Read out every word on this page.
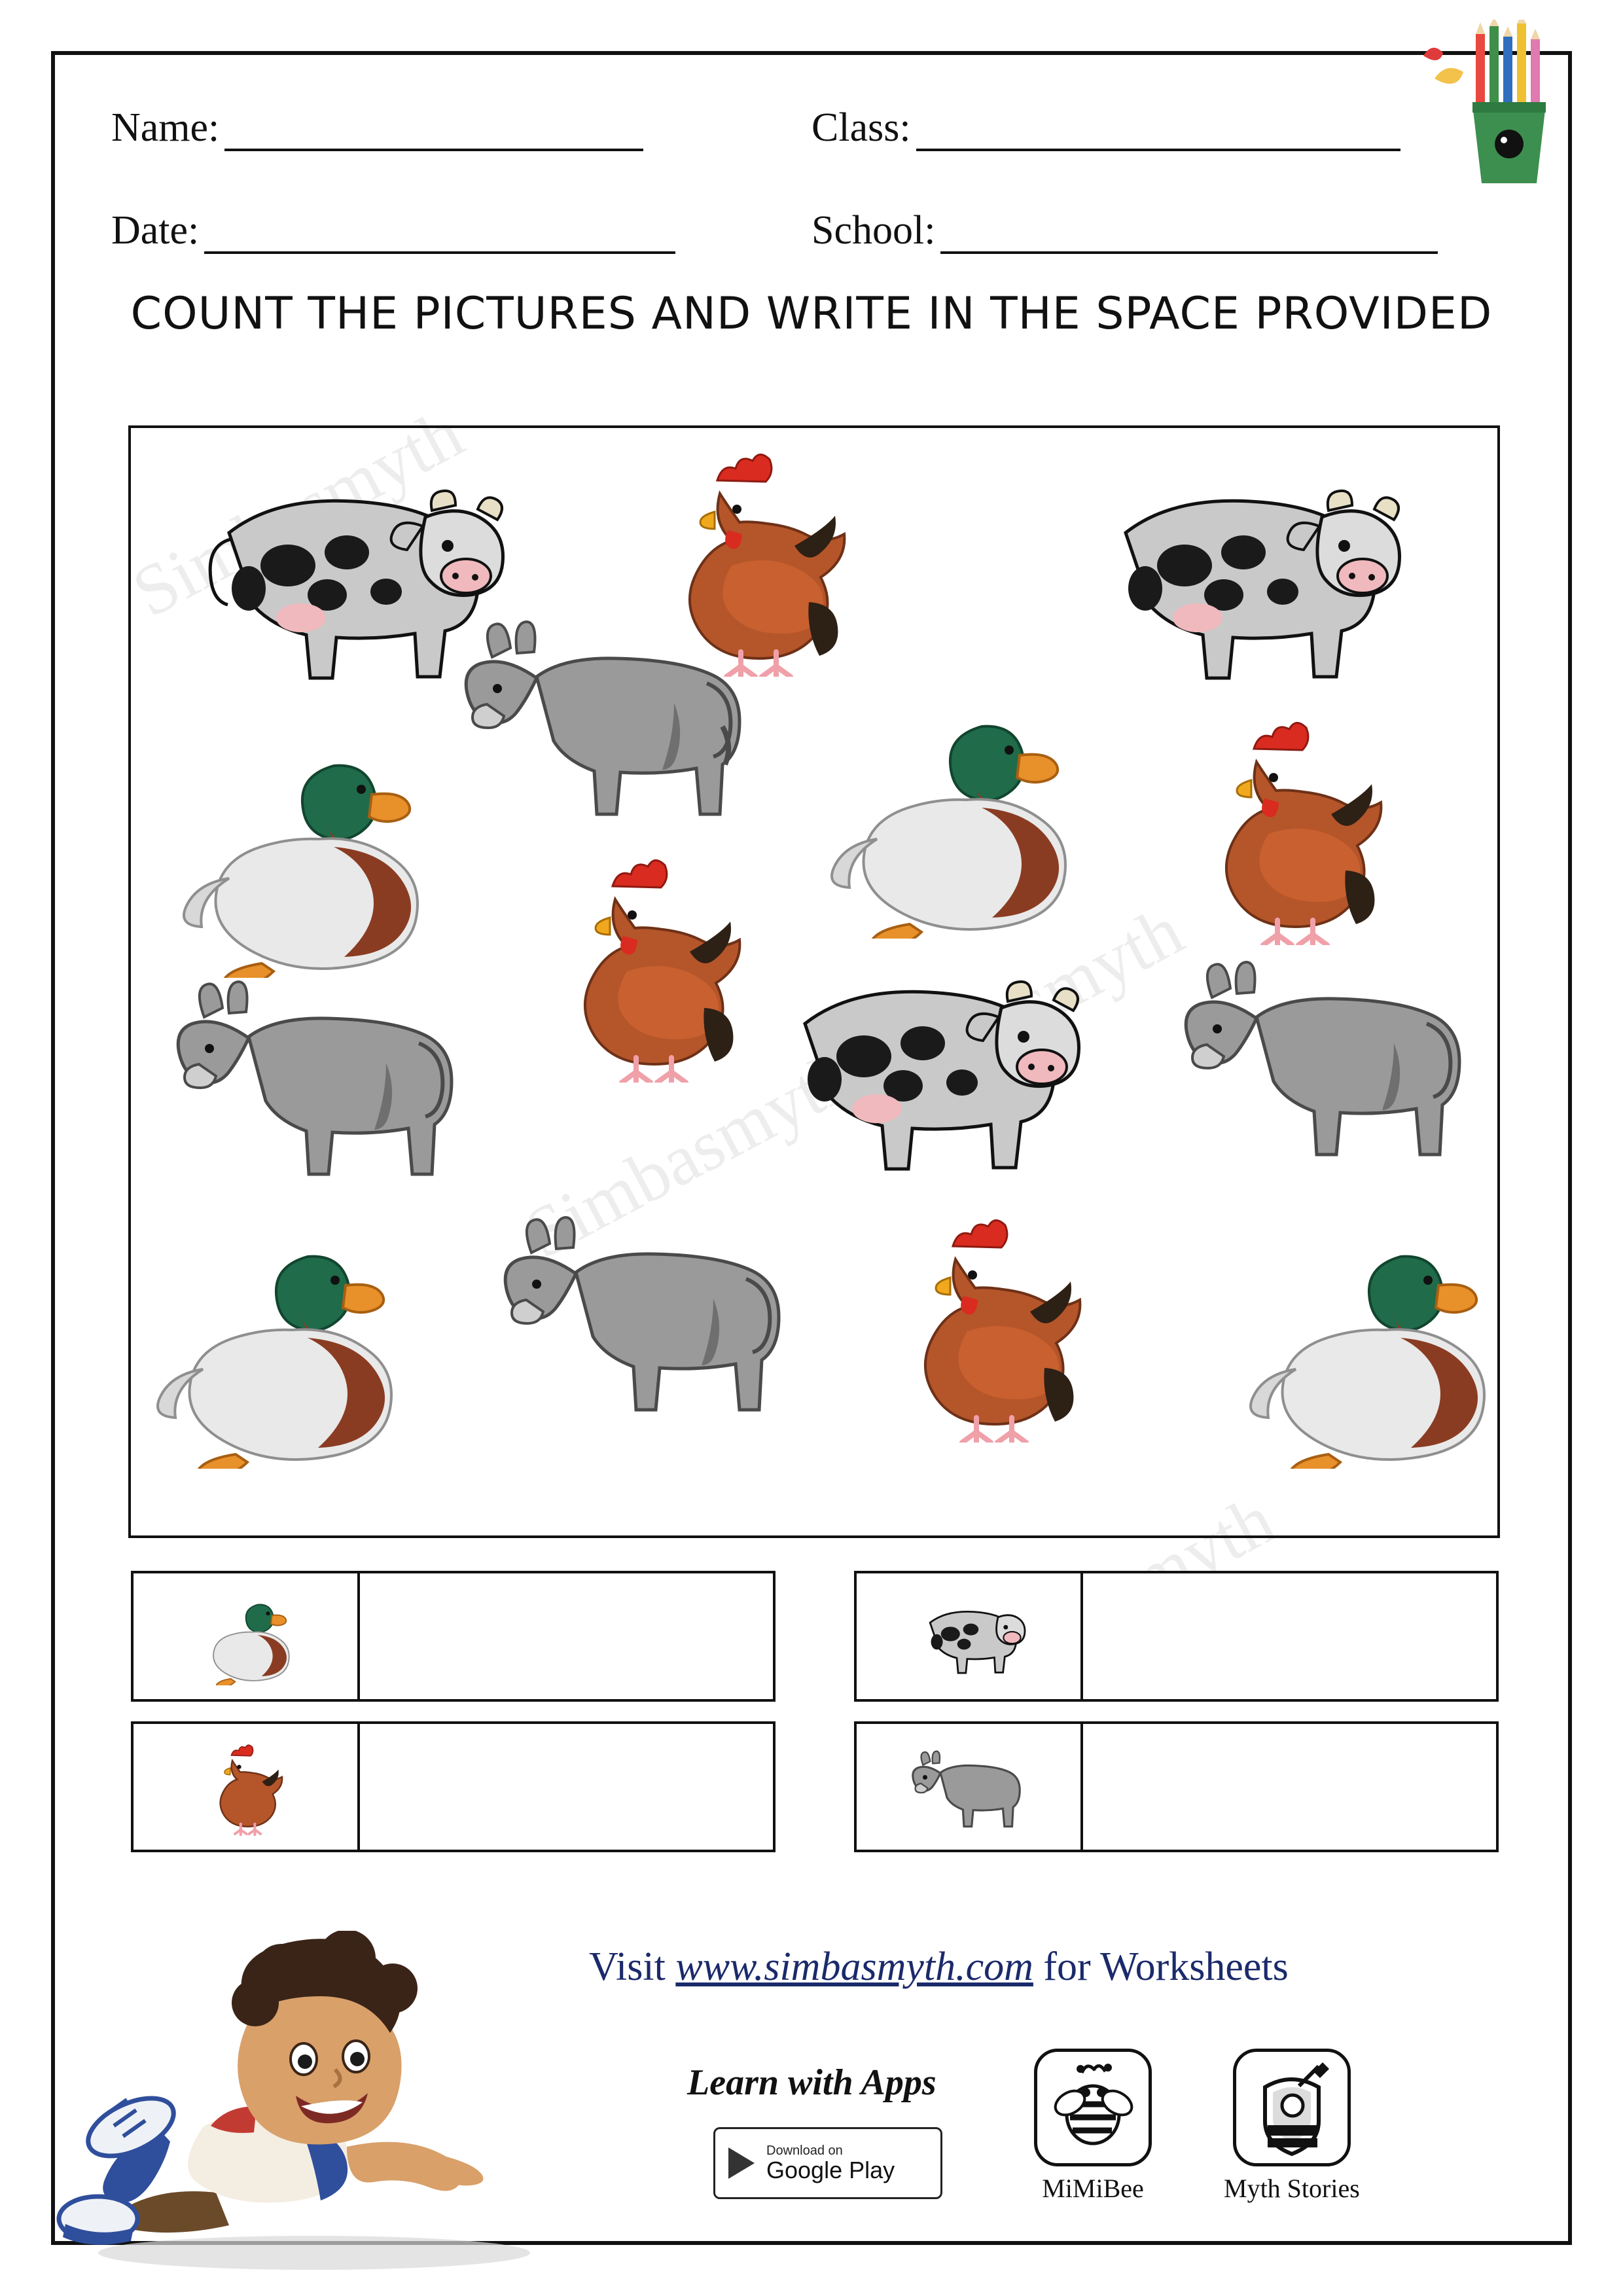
Simbasmyth
Name:	Class:
Date:	School:
COUNT THE PICTURES AND WRITE IN THE SPACE PROVIDED
Visit www.simbasmyth.com for Worksheets
Learn with Apps
Download on
Google Play
MiMiBee	Myth Stories
